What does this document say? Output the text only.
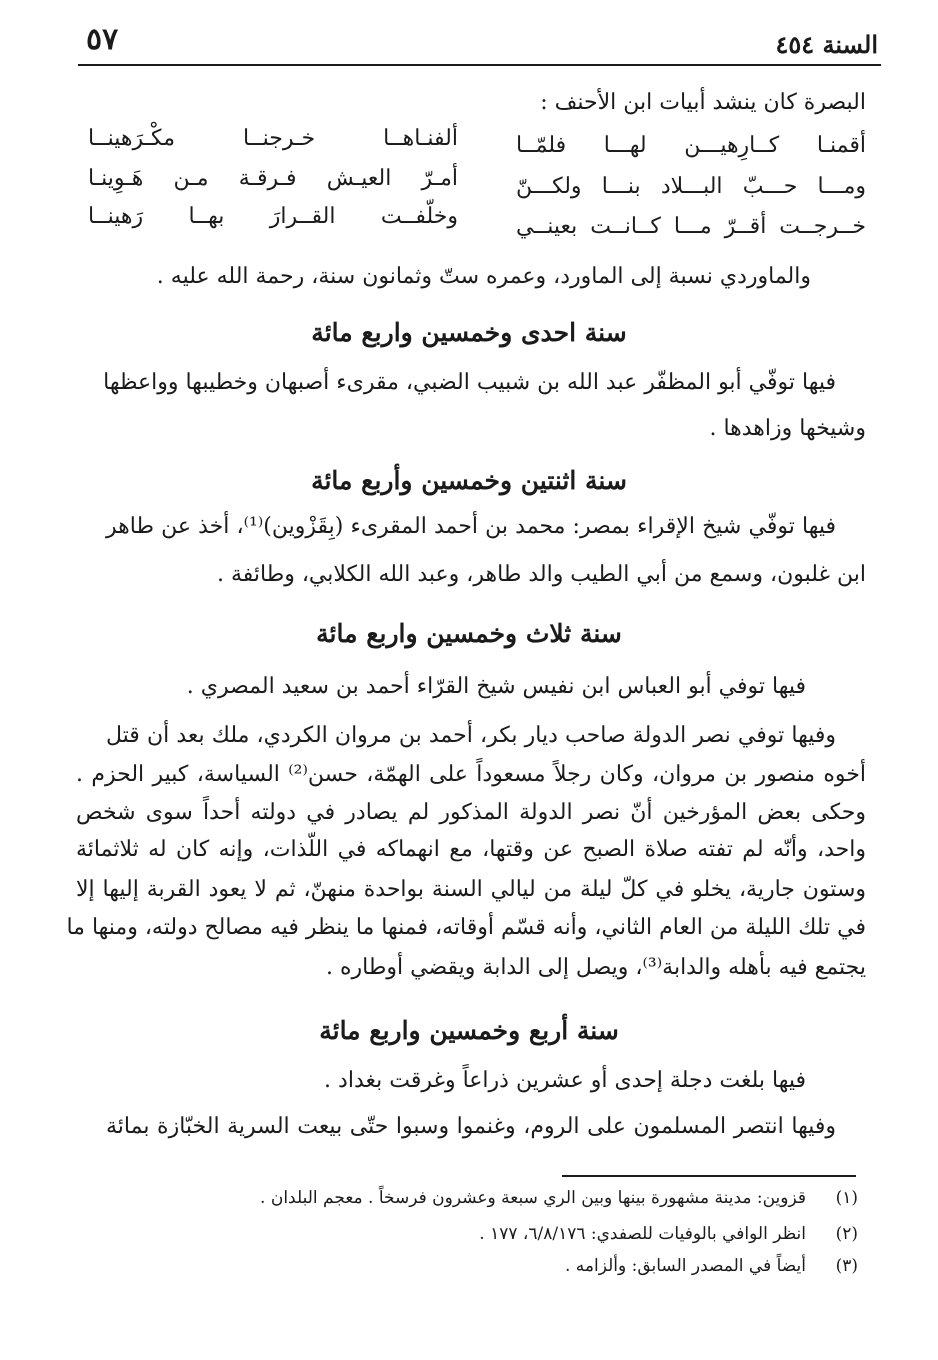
السنة ٤٥٤
٥٧
البصرة كان ينشد أبيات ابن الأحنف :
أقمنـا كــارِهيـــن لهـــا فلمّــا
ألفنـاهــا خـرجنــا مكْـرَهينــا
ومـــا حـــبّ البـــلاد بنـــا ولكـــنّ
أمـرّ العيـش فـرقـة مـن هَـوِينـا
خــرجــت أقــرّ مـــا كــانــت بعينــي
وخلّفــت القــرارَ بهــا رَهينــا
والماوردي نسبة إلى الماورد، وعمره ستّ وثمانون سنة، رحمة الله عليه .
سنة احدى وخمسين واربع مائة
فيها توفّي أبو المظفّر عبد الله بن شبيب الضبي، مقرىء أصبهان وخطيبها وواعظها
وشيخها وزاهدها .
سنة اثنتين وخمسين وأربع مائة
فيها توفّي شيخ الإقراء بمصر: محمد بن أحمد المقرىء (بِقَزْوين)⁽¹⁾، أخذ عن طاهر
ابن غلبون، وسمع من أبي الطيب والد طاهر، وعبد الله الكلابي، وطائفة .
سنة ثلاث وخمسين واربع مائة
فيها توفي أبو العباس ابن نفيس شيخ القرّاء أحمد بن سعيد المصري .
وفيها توفي نصر الدولة صاحب ديار بكر، أحمد بن مروان الكردي، ملك بعد أن قتل
أخوه منصور بن مروان، وكان رجلاً مسعوداً على الهمّة، حسن⁽²⁾ السياسة، كبير الحزم .
وحكى بعض المؤرخين أنّ نصر الدولة المذكور لم يصادر في دولته أحداً سوى شخص
واحد، وأنّه لم تفته صلاة الصبح عن وقتها، مع انهماكه في اللّذات، وإنه كان له ثلاثمائة
وستون جارية، يخلو في كلّ ليلة من ليالي السنة بواحدة منهنّ، ثم لا يعود القربة إليها إلا
في تلك الليلة من العام الثاني، وأنه قسّم أوقاته، فمنها ما ينظر فيه مصالح دولته، ومنها ما
يجتمع فيه بأهله والدابة⁽³⁾، ويصل إلى الدابة ويقضي أوطاره .
سنة أربع وخمسين واربع مائة
فيها بلغت دجلة إحدى أو عشرين ذراعاً وغرقت بغداد .
وفيها انتصر المسلمون على الروم، وغنموا وسبوا حتّى بيعت السرية الخبّازة بمائة
(١)قزوين: مدينة مشهورة بينها وبين الري سبعة وعشرون فرسخاً . معجم البلدان .
(٢)انظر الوافي بالوفيات للصفدي: ٦/٨/١٧٦، ١٧٧ .
(٣)أيضاً في المصدر السابق: وألزامه .
